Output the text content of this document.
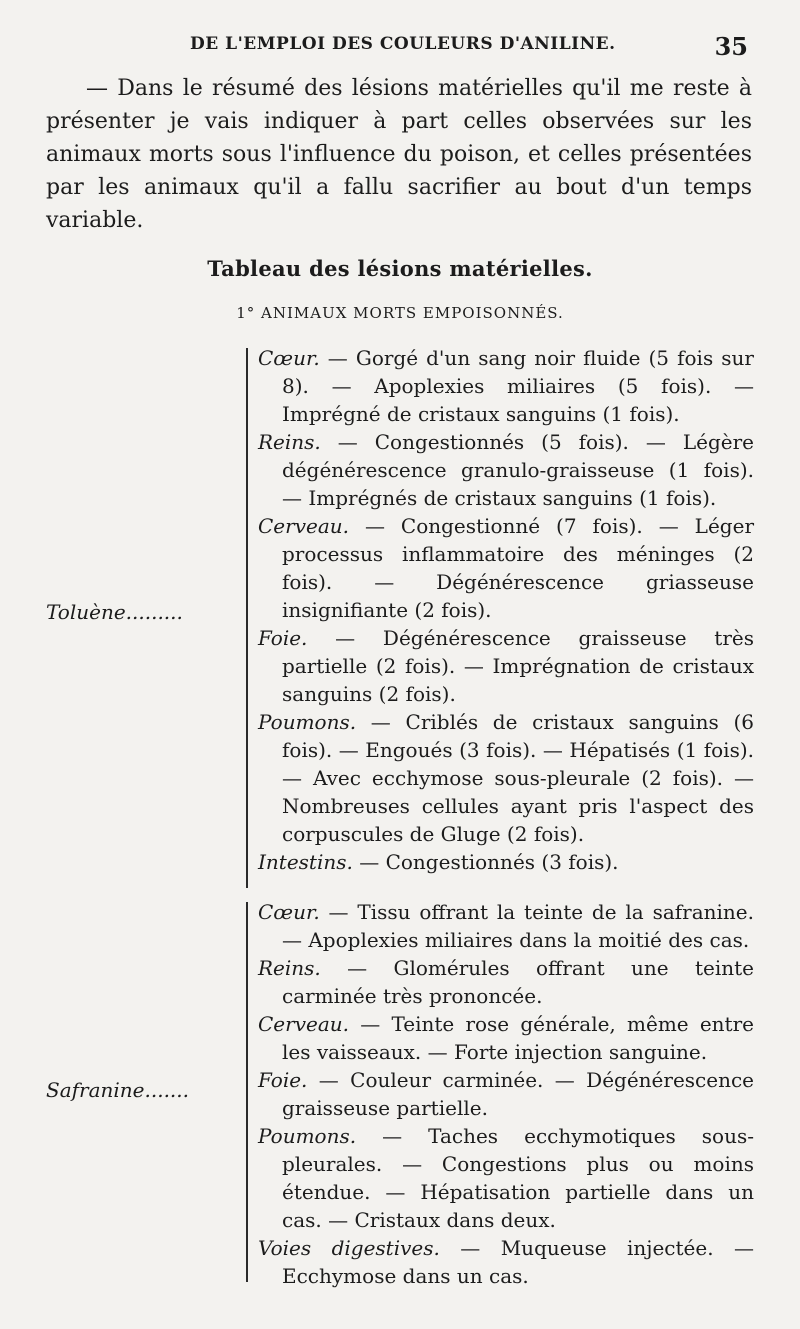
DE L'EMPLOI DES COULEURS D'ANILINE.	35

— Dans le résumé des lésions matérielles qu'il me reste à présenter je vais indiquer à part celles observées sur les animaux morts sous l'influence du poison, et celles présentées par les animaux qu'il a fallu sacrifier au bout d'un temps variable.

Tableau des lésions matérielles.
1° ANIMAUX MORTS EMPOISONNÉS.
Toluène.........

Cœur. — Gorgé d'un sang noir fluide (5 fois sur 8). — Apoplexies miliaires (5 fois). — Imprégné de cristaux sanguins (1 fois).

Reins. — Congestionnés (5 fois). — Légère dégénérescence granulo-graisseuse (1 fois). — Imprégnés de cristaux sanguins (1 fois).

Cerveau. — Congestionné (7 fois). — Léger processus inflammatoire des méninges (2 fois). — Dégénérescence griasseuse insignifiante (2 fois).

Foie. — Dégénérescence graisseuse très partielle (2 fois). — Imprégnation de cristaux sanguins (2 fois).

Poumons. — Criblés de cristaux sanguins (6 fois). — Engoués (3 fois). — Hépatisés (1 fois). — Avec ecchymose sous-pleurale (2 fois). — Nombreuses cellules ayant pris l'aspect des corpuscules de Gluge (2 fois).

Intestins. — Congestionnés (3 fois).

Safranine.......

Cœur. — Tissu offrant la teinte de la safranine. — Apoplexies miliaires dans la moitié des cas.

Reins. — Glomérules offrant une teinte carminée très prononcée.

Cerveau. — Teinte rose générale, même entre les vaisseaux. — Forte injection sanguine.

Foie. — Couleur carminée. — Dégénérescence graisseuse partielle.

Poumons. — Taches ecchymotiques sous-pleurales. — Congestions plus ou moins étendue. — Hépatisation partielle dans un cas. — Cristaux dans deux.

Voies digestives. — Muqueuse injectée. — Ecchymose dans un cas.
